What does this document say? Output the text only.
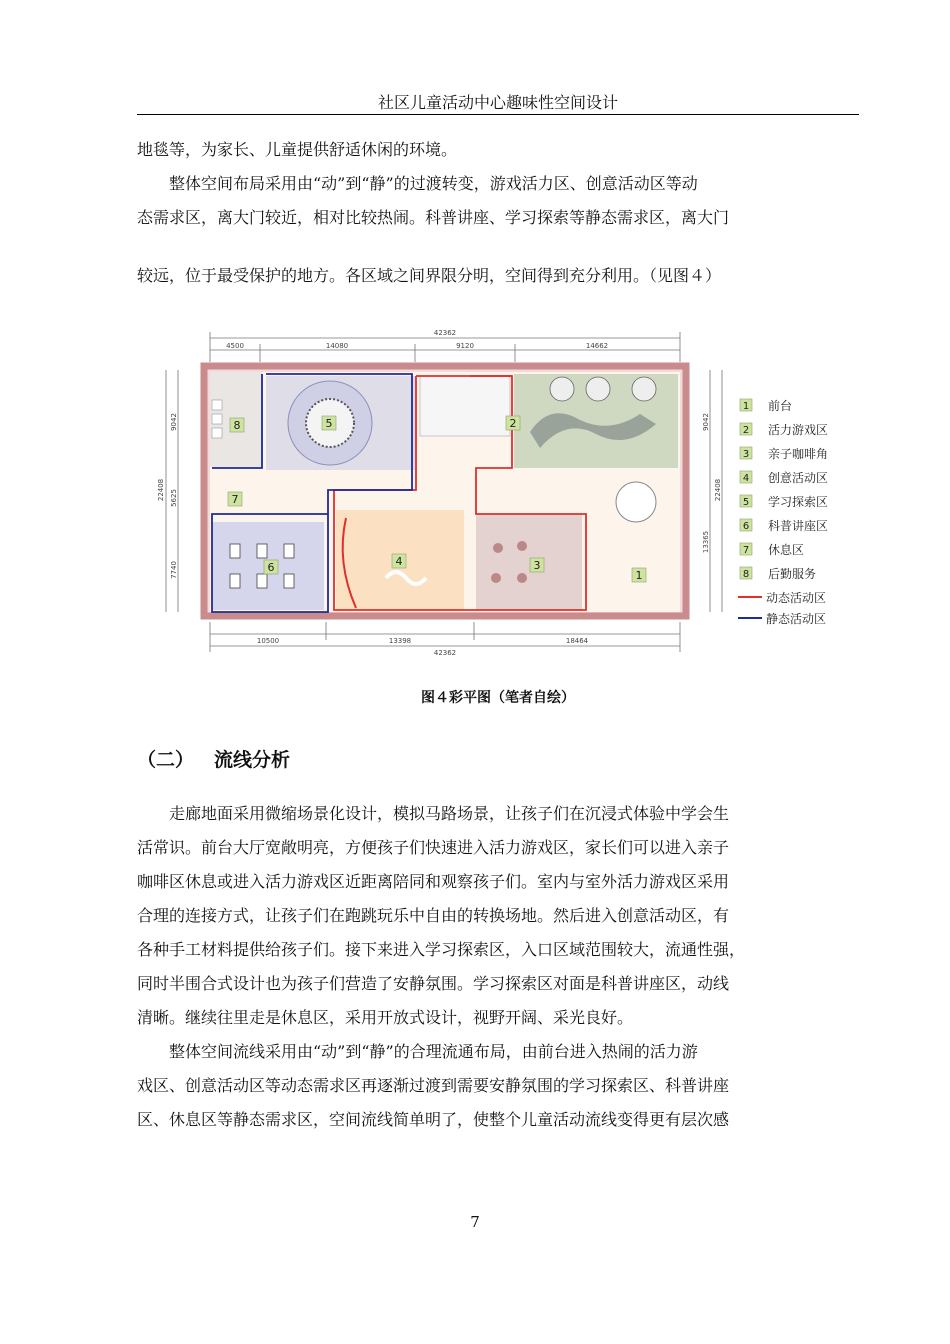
社区儿童活动中心趣味性空间设计
地毯等，为家长、儿童提供舒适休闲的环境。
　　整体空间布局采用由“动”到“静”的过渡转变，游戏活力区、创意活动区等动
态需求区，离大门较近，相对比较热闹。科普讲座、学习探索等静态需求区，离大门
较远，位于最受保护的地方。各区域之间界限分明，空间得到充分利用。（见图４）
42362
4500	14080	9120	14662
10500	13398	18464
42362
22408
9042
5625
7740
9042
13365
22408
8	5	2
7
6	4	3
1
1 前台
2 活力游戏区
3 亲子咖啡角
4 创意活动区
5 学习探索区
6 科普讲座区
7 休息区
8 后勤服务
动态活动区
静态活动区
图４彩平图（笔者自绘）
（二） 流线分析
　　走廊地面采用微缩场景化设计，模拟马路场景，让孩子们在沉浸式体验中学会生
活常识。前台大厅宽敞明亮，方便孩子们快速进入活力游戏区，家长们可以进入亲子
咖啡区休息或进入活力游戏区近距离陪同和观察孩子们。室内与室外活力游戏区采用
合理的连接方式，让孩子们在跑跳玩乐中自由的转换场地。然后进入创意活动区，有
各种手工材料提供给孩子们。接下来进入学习探索区，入口区域范围较大，流通性强，
同时半围合式设计也为孩子们营造了安静氛围。学习探索区对面是科普讲座区，动线
清晰。继续往里走是休息区，采用开放式设计，视野开阔、采光良好。
　　整体空间流线采用由“动”到“静”的合理流通布局，由前台进入热闹的活力游
戏区、创意活动区等动态需求区再逐渐过渡到需要安静氛围的学习探索区、科普讲座
区、休息区等静态需求区，空间流线简单明了，使整个儿童活动流线变得更有层次感
7
